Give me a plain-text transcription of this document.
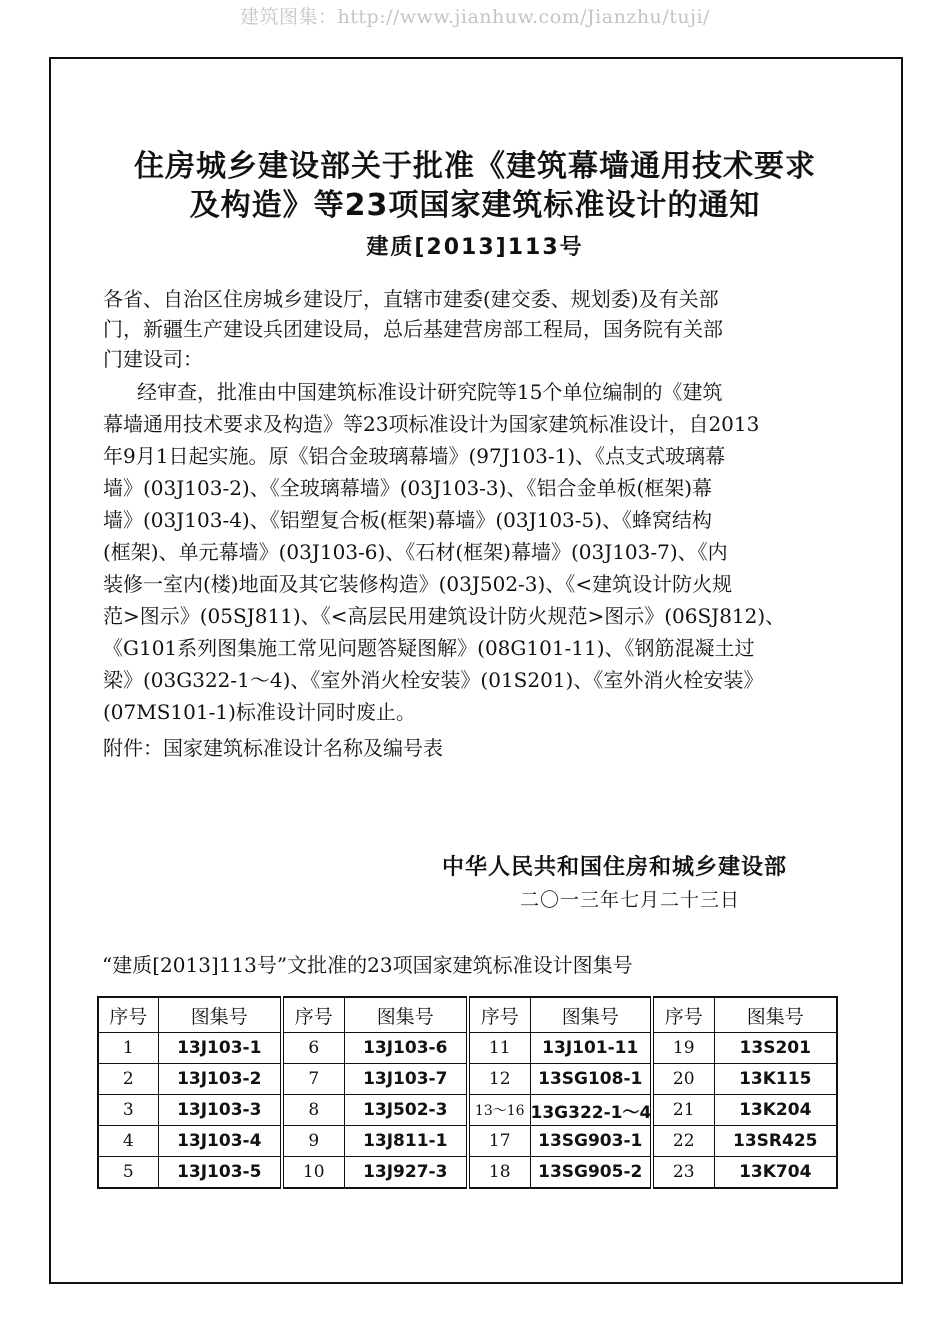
建筑图集：http://www.jianhuw.com/Jianzhu/tuji/
住房城乡建设部关于批准《建筑幕墙通用技术要求
及构造》等23项国家建筑标准设计的通知
建质[2013]113号
各省、自治区住房城乡建设厅，直辖市建委(建交委、规划委)及有关部
门，新疆生产建设兵团建设局，总后基建营房部工程局，国务院有关部
门建设司：
经审查，批准由中国建筑标准设计研究院等15个单位编制的《建筑
幕墙通用技术要求及构造》等23项标准设计为国家建筑标准设计，自2013
年9月1日起实施。原《铝合金玻璃幕墙》(97J103-1)、《点支式玻璃幕
墙》(03J103-2)、《全玻璃幕墙》(03J103-3)、《铝合金单板(框架)幕
墙》(03J103-4)、《铝塑复合板(框架)幕墙》(03J103-5)、《蜂窝结构
(框架)、单元幕墙》(03J103-6)、《石材(框架)幕墙》(03J103-7)、《内
装修一室内(楼)地面及其它装修构造》(03J502-3)、《<建筑设计防火规
范>图示》(05SJ811)、《<高层民用建筑设计防火规范>图示》(06SJ812)、
《G101系列图集施工常见问题答疑图解》(08G101-11)、《钢筋混凝土过
梁》(03G322-1～4)、《室外消火栓安装》(01S201)、《室外消火栓安装》
(07MS101-1)标准设计同时废止。
附件：国家建筑标准设计名称及编号表
中华人民共和国住房和城乡建设部
二〇一三年七月二十三日
“建质[2013]113号”文批准的23项国家建筑标准设计图集号
序号	图集号	序号	图集号	序号	图集号	序号	图集号
1	13J103-1	6	13J103-6	11	13J101-11	19	13S201
2	13J103-2	7	13J103-7	12	13SG108-1	20	13K115
3	13J103-3	8	13J502-3	13～16	13G322-1～4	21	13K204
4	13J103-4	9	13J811-1	17	13SG903-1	22	13SR425
5	13J103-5	10	13J927-3	18	13SG905-2	23	13K704
